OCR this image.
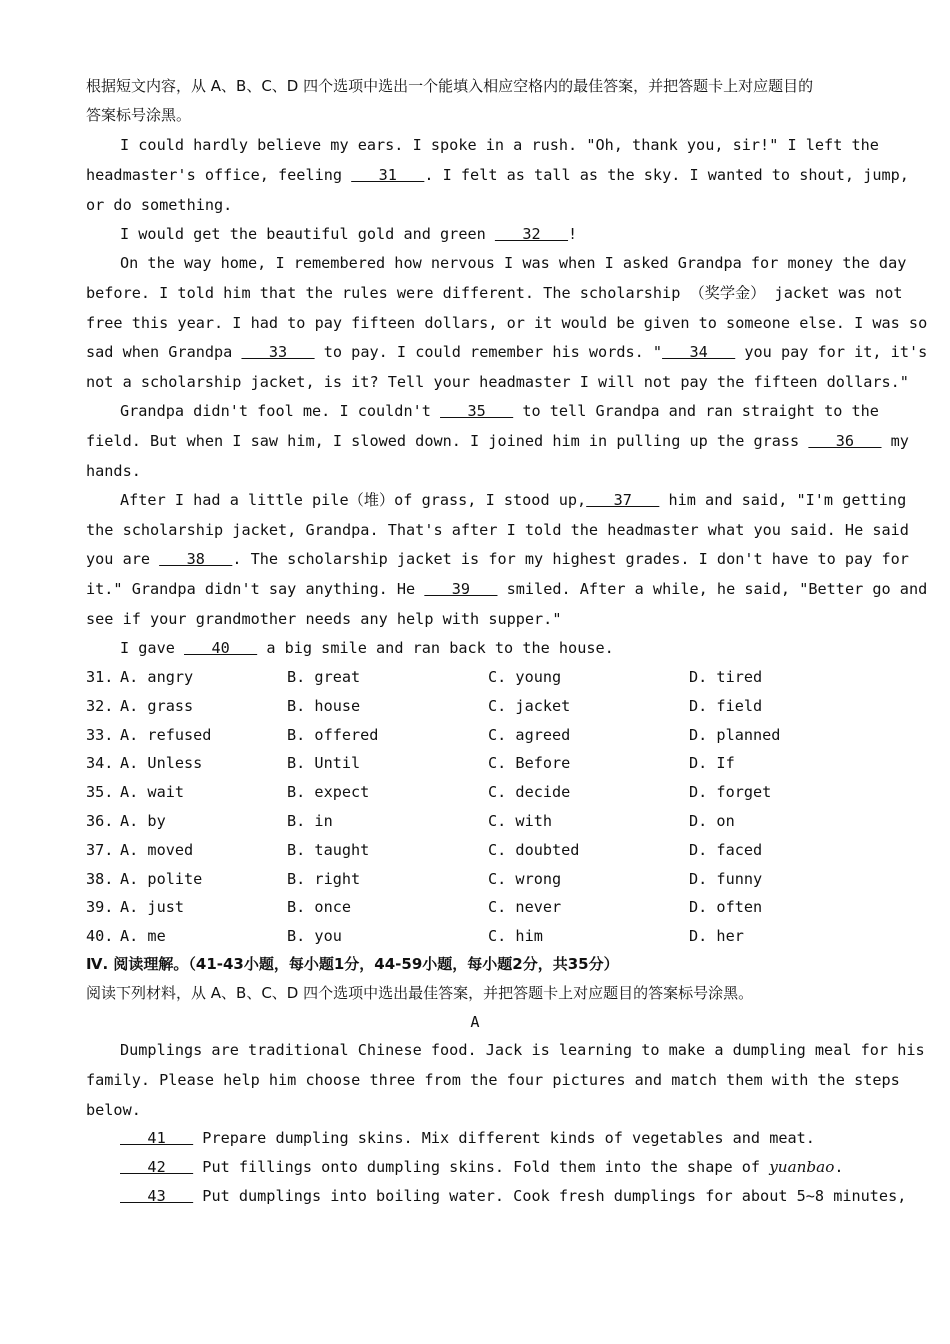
根据短文内容，从 A、B、C、D 四个选项中选出一个能填入相应空格内的最佳答案，并把答题卡上对应题目的
答案标号涂黑。
I could hardly believe my ears. I spoke in a rush. "Oh, thank you, sir!" I left the
headmaster's office, feeling    31   . I felt as tall as the sky. I wanted to shout, jump,
or do something.
I would get the beautiful gold and green    32   !
On the way home, I remembered how nervous I was when I asked Grandpa for money the day
before. I told him that the rules were different. The scholarship （奖学金） jacket was not
free this year. I had to pay fifteen dollars, or it would be given to someone else. I was so
sad when Grandpa    33    to pay. I could remember his words. "   34    you pay for it, it's
not a scholarship jacket, is it? Tell your headmaster I will not pay the fifteen dollars."
Grandpa didn't fool me. I couldn't    35    to tell Grandpa and ran straight to the
field. But when I saw him, I slowed down. I joined him in pulling up the grass    36    my
hands.
After I had a little pile（堆）of grass, I stood up,   37    him and said, "I'm getting
the scholarship jacket, Grandpa. That's after I told the headmaster what you said. He said
you are    38   . The scholarship jacket is for my highest grades. I don't have to pay for
it." Grandpa didn't say anything. He    39    smiled. After a while, he said, "Better go and
see if your grandmother needs any help with supper."
I gave    40    a big smile and ran back to the house.
31. A. angry	B. great	C. young	D. tired
32. A. grass	B. house	C. jacket	D. field
33. A. refused	B. offered	C. agreed	D. planned
34. A. Unless	B. Until	C. Before	D. If
35. A. wait	B. expect	C. decide	D. forget
36. A. by	B. in	C. with	D. on
37. A. moved	B. taught	C. doubted	D. faced
38. A. polite	B. right	C. wrong	D. funny
39. A. just	B. once	C. never	D. often
40. A. me	B. you	C. him	D. her
Ⅳ. 阅读理解。（41-43小题，每小题1分，44-59小题，每小题2分，共35分）
阅读下列材料，从 A、B、C、D 四个选项中选出最佳答案，并把答题卡上对应题目的答案标号涂黑。
A
Dumplings are traditional Chinese food. Jack is learning to make a dumpling meal for his
family. Please help him choose three from the four pictures and match them with the steps
below.
41    Prepare dumpling skins. Mix different kinds of vegetables and meat.
42    Put fillings onto dumpling skins. Fold them into the shape of yuanbao.
43    Put dumplings into boiling water. Cook fresh dumplings for about 5~8 minutes,
